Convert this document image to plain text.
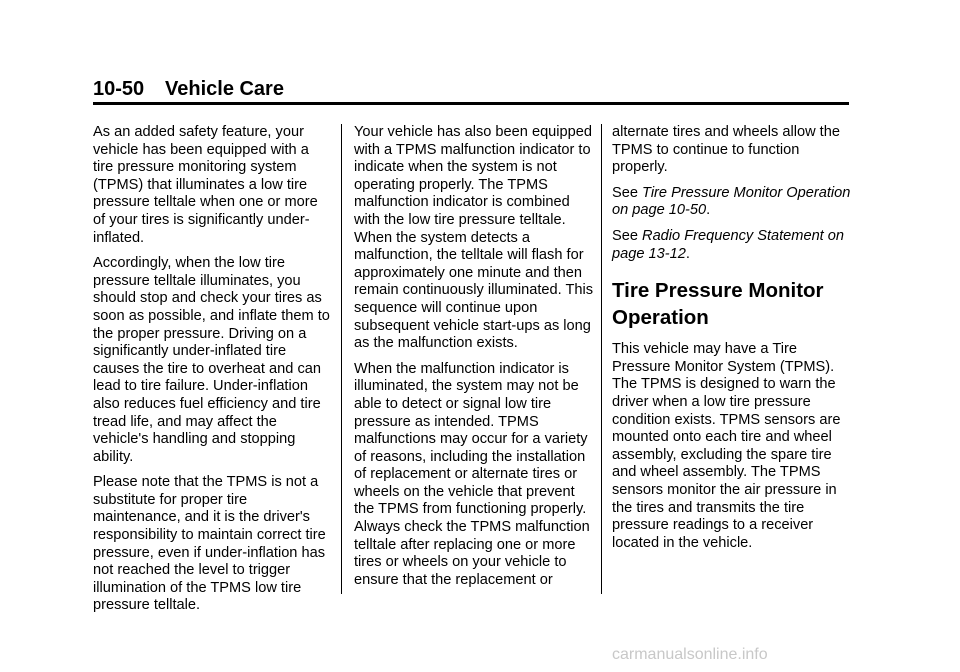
10-50 Vehicle Care

As an added safety feature, your vehicle has been equipped with a tire pressure monitoring system (TPMS) that illuminates a low tire pressure telltale when one or more of your tires is significantly under-inflated.

Accordingly, when the low tire pressure telltale illuminates, you should stop and check your tires as soon as possible, and inflate them to the proper pressure. Driving on a significantly under-inflated tire causes the tire to overheat and can lead to tire failure. Under-inflation also reduces fuel efficiency and tire tread life, and may affect the vehicle's handling and stopping ability.

Please note that the TPMS is not a substitute for proper tire maintenance, and it is the driver's responsibility to maintain correct tire pressure, even if under-inflation has not reached the level to trigger illumination of the TPMS low tire pressure telltale.

Your vehicle has also been equipped with a TPMS malfunction indicator to indicate when the system is not operating properly. The TPMS malfunction indicator is combined with the low tire pressure telltale. When the system detects a malfunction, the telltale will flash for approximately one minute and then remain continuously illuminated. This sequence will continue upon subsequent vehicle start-ups as long as the malfunction exists.

When the malfunction indicator is illuminated, the system may not be able to detect or signal low tire pressure as intended. TPMS malfunctions may occur for a variety of reasons, including the installation of replacement or alternate tires or wheels on the vehicle that prevent the TPMS from functioning properly. Always check the TPMS malfunction telltale after replacing one or more tires or wheels on your vehicle to ensure that the replacement or

alternate tires and wheels allow the TPMS to continue to function properly.

See Tire Pressure Monitor Operation on page 10-50.

See Radio Frequency Statement on page 13-12.

Tire Pressure Monitor Operation

This vehicle may have a Tire Pressure Monitor System (TPMS). The TPMS is designed to warn the driver when a low tire pressure condition exists. TPMS sensors are mounted onto each tire and wheel assembly, excluding the spare tire and wheel assembly. The TPMS sensors monitor the air pressure in the tires and transmits the tire pressure readings to a receiver located in the vehicle.

carmanualsonline.info
